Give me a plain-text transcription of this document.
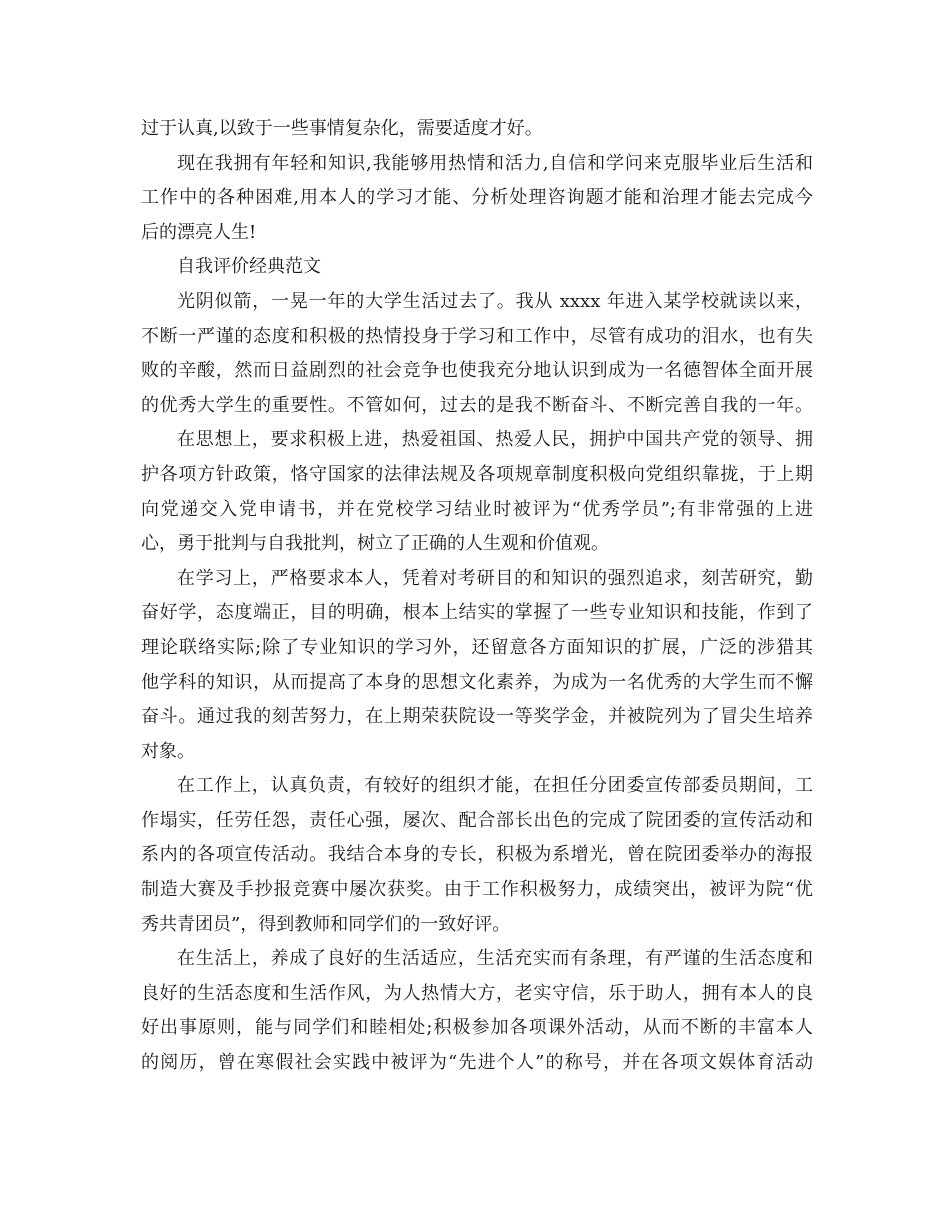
过于认真,以致于一些事情复杂化，需要适度才好。
现在我拥有年轻和知识,我能够用热情和活力,自信和学问来克服毕业后生活和
工作中的各种困难,用本人的学习才能、分析处理咨询题才能和治理才能去完成今
后的漂亮人生!
自我评价经典范文
光阴似箭，一晃一年的大学生活过去了。我从 xxxx 年进入某学校就读以来，
不断一严谨的态度和积极的热情投身于学习和工作中，尽管有成功的泪水，也有失
败的辛酸，然而日益剧烈的社会竞争也使我充分地认识到成为一名德智体全面开展
的优秀大学生的重要性。不管如何，过去的是我不断奋斗、不断完善自我的一年。
在思想上，要求积极上进，热爱祖国、热爱人民，拥护中国共产党的领导、拥
护各项方针政策，恪守国家的法律法规及各项规章制度积极向党组织靠拢，于上期
向党递交入党申请书，并在党校学习结业时被评为“优秀学员”;有非常强的上进
心，勇于批判与自我批判，树立了正确的人生观和价值观。
在学习上，严格要求本人，凭着对考研目的和知识的强烈追求，刻苦研究，勤
奋好学，态度端正，目的明确，根本上结实的掌握了一些专业知识和技能，作到了
理论联络实际;除了专业知识的学习外，还留意各方面知识的扩展，广泛的涉猎其
他学科的知识，从而提高了本身的思想文化素养，为成为一名优秀的大学生而不懈
奋斗。通过我的刻苦努力，在上期荣获院设一等奖学金，并被院列为了冒尖生培养
对象。
在工作上，认真负责，有较好的组织才能，在担任分团委宣传部委员期间，工
作塌实，任劳任怨，责任心强，屡次、配合部长出色的完成了院团委的宣传活动和
系内的各项宣传活动。我结合本身的专长，积极为系增光，曾在院团委举办的海报
制造大赛及手抄报竞赛中屡次获奖。由于工作积极努力，成绩突出，被评为院“优
秀共青团员”，得到教师和同学们的一致好评。
在生活上，养成了良好的生活适应，生活充实而有条理，有严谨的生活态度和
良好的生活态度和生活作风，为人热情大方，老实守信，乐于助人，拥有本人的良
好出事原则，能与同学们和睦相处;积极参加各项课外活动，从而不断的丰富本人
的阅历，曾在寒假社会实践中被评为“先进个人”的称号，并在各项文娱体育活动
